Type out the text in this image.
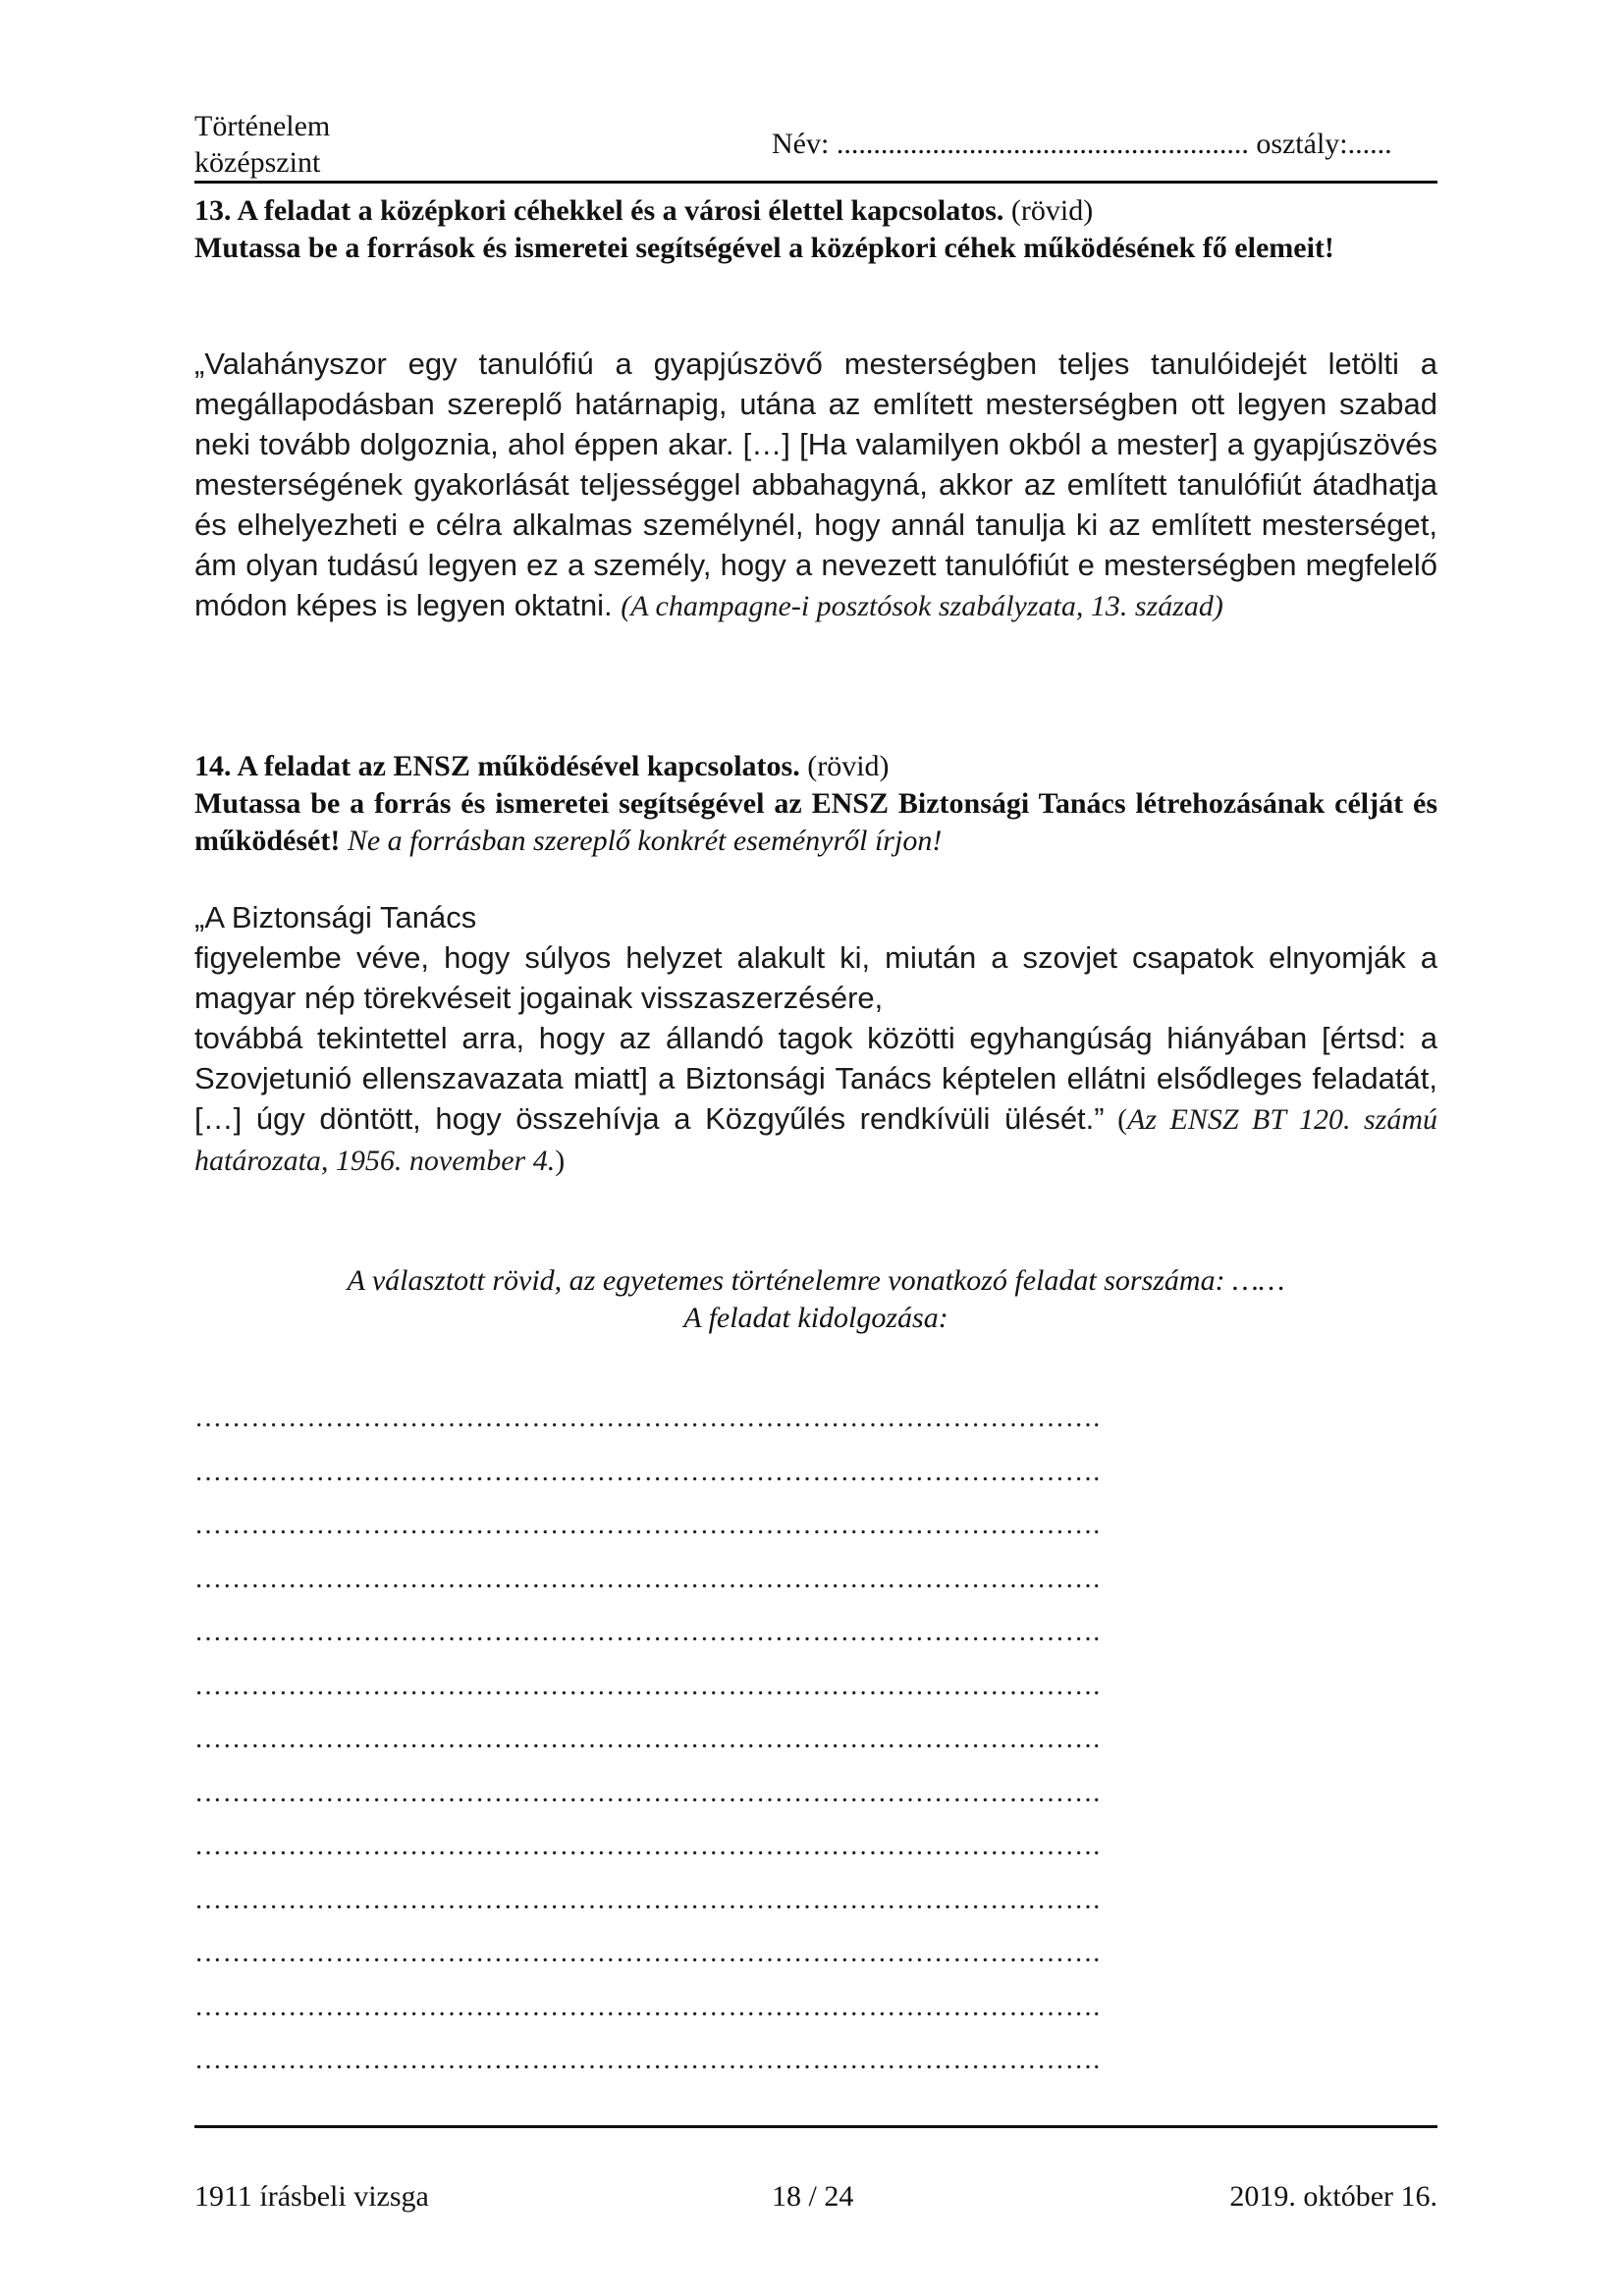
Történelem
középszint
Név: ........................................................ osztály:......
13. A feladat a középkori céhekkel és a városi élettel kapcsolatos. (rövid)
Mutassa be a források és ismeretei segítségével a középkori céhek működésének fő elemeit!
„Valahányszor egy tanulófiú a gyapjúszövő mesterségben teljes tanulóidejét letölti a megállapodásban szereplő határnapig, utána az említett mesterségben ott legyen szabad neki tovább dolgoznia, ahol éppen akar. […] [Ha valamilyen okból a mester] a gyapjúszövés mesterségének gyakorlását teljességgel abbahagyná, akkor az említett tanulófiút átadhatja és elhelyezheti e célra alkalmas személynél, hogy annál tanulja ki az említett mesterséget, ám olyan tudású legyen ez a személy, hogy a nevezett tanulófiút e mesterségben megfelelő módon képes is legyen oktatni. (A champagne-i posztósok szabályzata, 13. század)
14. A feladat az ENSZ működésével kapcsolatos. (rövid)
Mutassa be a forrás és ismeretei segítségével az ENSZ Biztonsági Tanács létrehozásának célját és működését! Ne a forrásban szereplő konkrét eseményről írjon!

„A Biztonsági Tanács

figyelembe véve, hogy súlyos helyzet alakult ki, miután a szovjet csapatok elnyomják a magyar nép törekvéseit jogainak visszaszerzésére,

továbbá tekintettel arra, hogy az állandó tagok közötti egyhangúság hiányában [értsd: a Szovjetunió ellenszavazata miatt] a Biztonsági Tanács képtelen ellátni elsődleges feladatát, […] úgy döntött, hogy összehívja a Közgyűlés rendkívüli ülését.” (Az ENSZ BT 120. számú határozata, 1956. november 4.)

A választott rövid, az egyetemes történelemre vonatkozó feladat sorszáma: ……
A feladat kidolgozása:
…………………………………………………………………………………….
…………………………………………………………………………………….
…………………………………………………………………………………….
…………………………………………………………………………………….
…………………………………………………………………………………….
…………………………………………………………………………………….
…………………………………………………………………………………….
…………………………………………………………………………………….
…………………………………………………………………………………….
…………………………………………………………………………………….
…………………………………………………………………………………….
…………………………………………………………………………………….
…………………………………………………………………………………….
1911 írásbeli vizsga	18 / 24	2019. október 16.
